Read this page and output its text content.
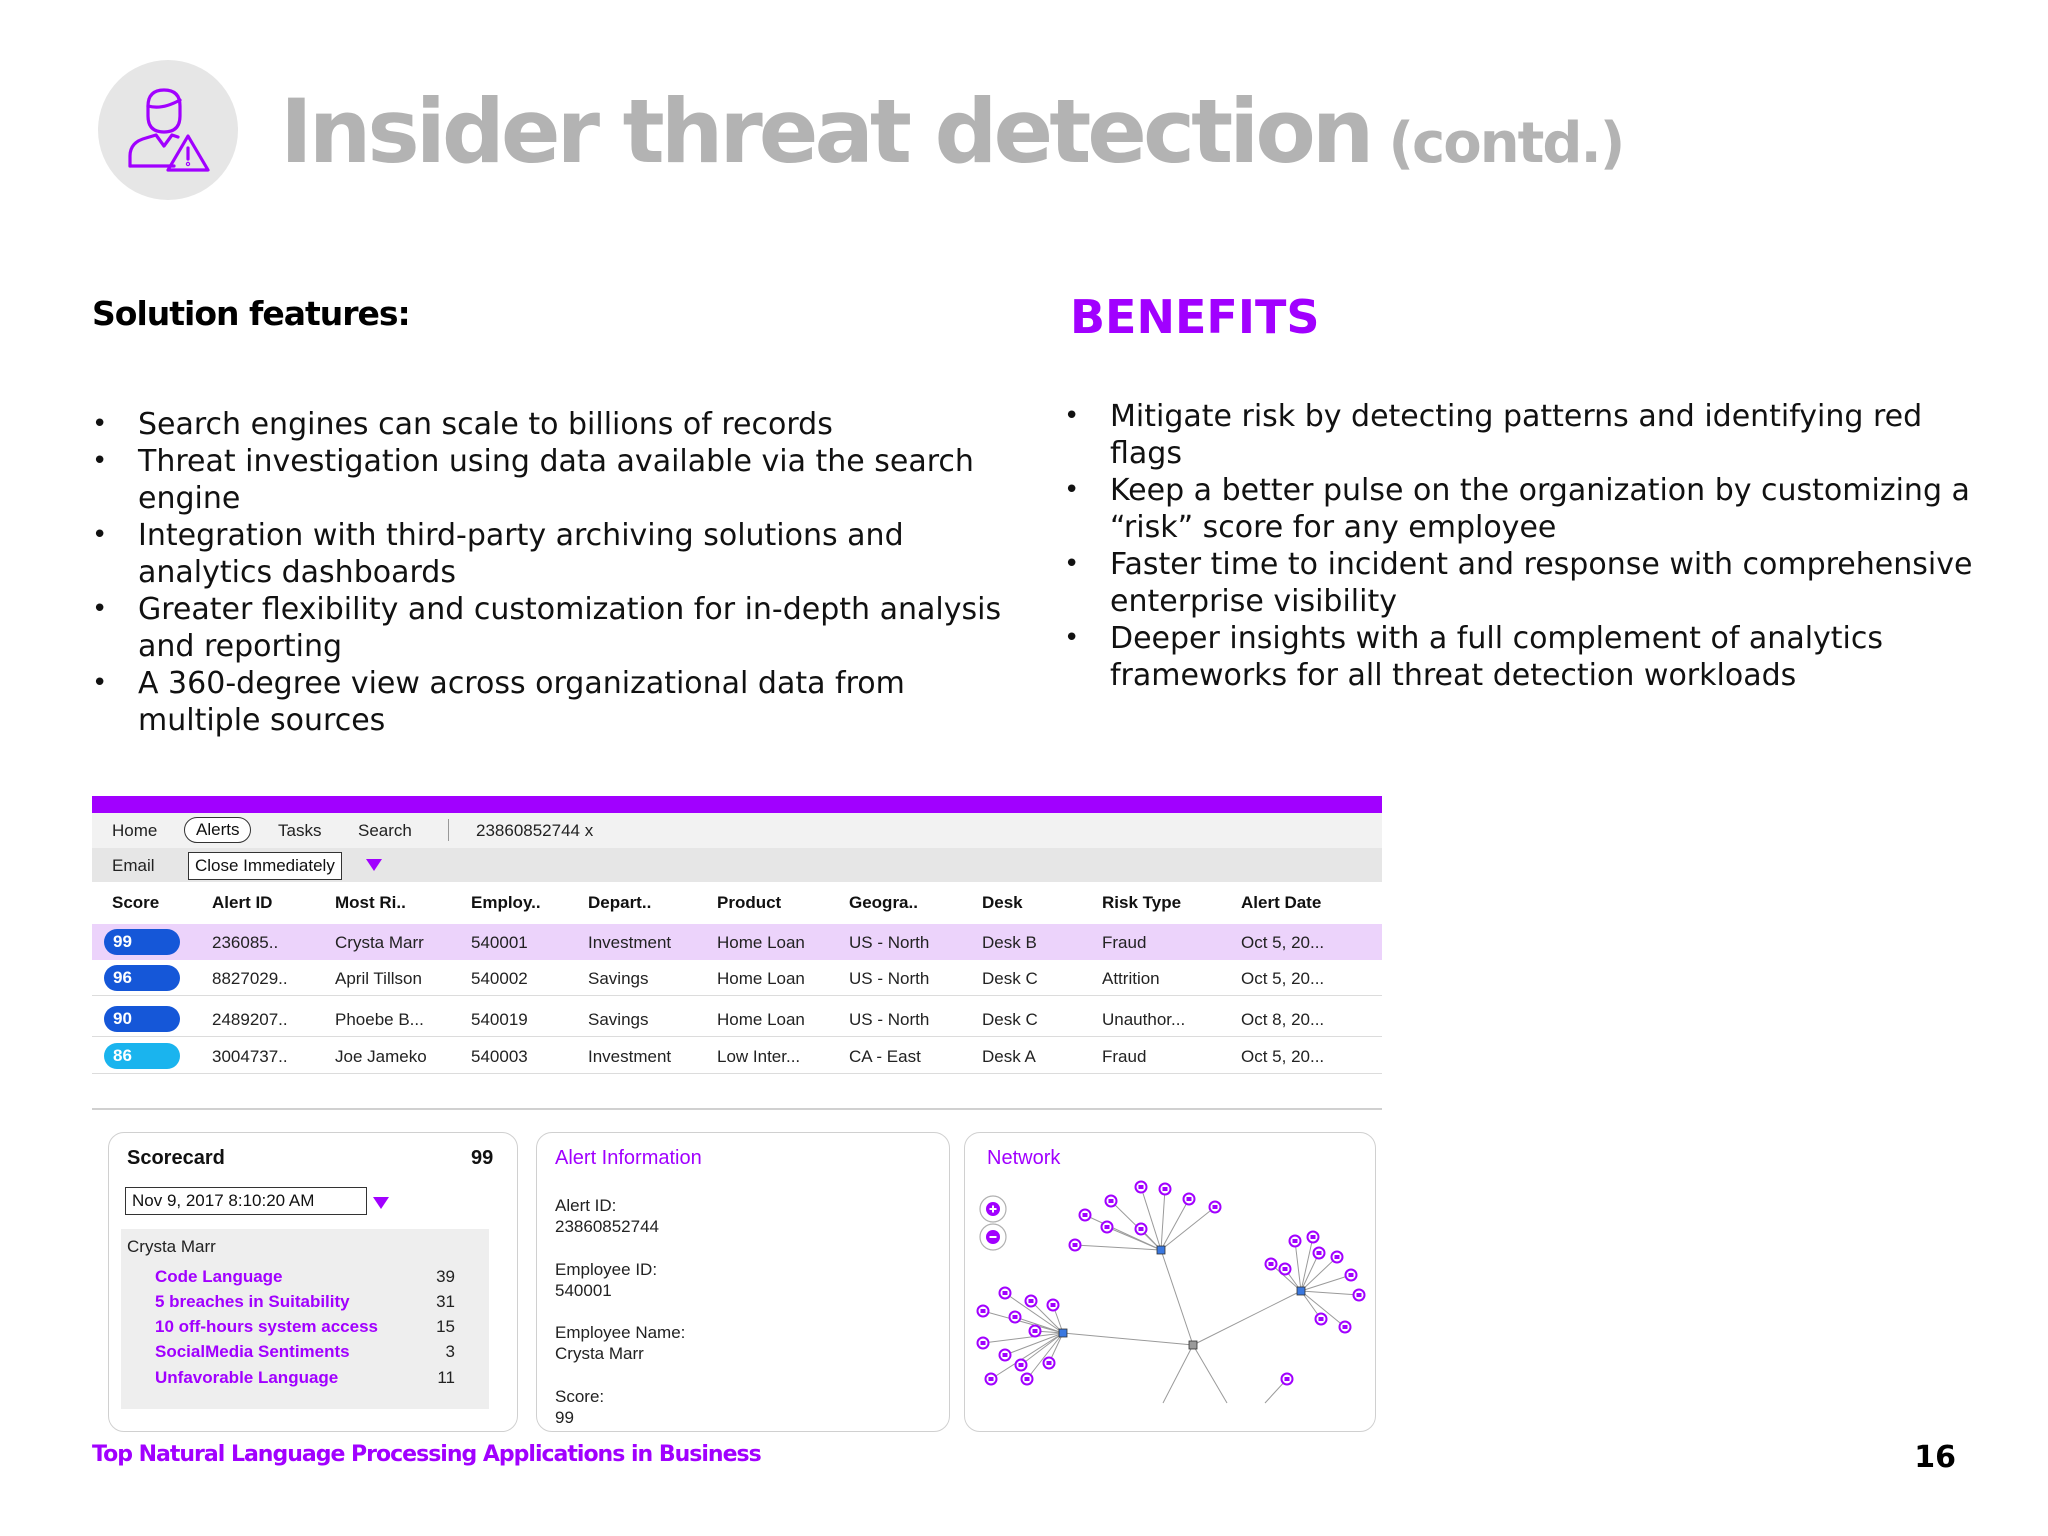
Insider threat detection (contd.)
Solution features:
• Search engines can scale to billions of records
• Threat investigation using data available via the search engine
• Integration with third-party archiving solutions and analytics dashboards
• Greater flexibility and customization for in-depth analysis and reporting
• A 360-degree view across organizational data from multiple sources
BENEFITS
• Mitigate risk by detecting patterns and identifying red flags
• Keep a better pulse on the organization by customizing a “risk” score for any employee
• Faster time to incident and response with comprehensive enterprise visibility
• Deeper insights with a full complement of analytics frameworks for all threat detection workloads
Home	Alerts	Tasks Search	23860852744 x
Email	Close Immediately
Score	Alert ID	Most Ri..	Employ..	Depart..	Product	Geogra..	Desk	Risk Type	Alert Date
99	236085..	Crysta Marr	540001	Investment	Home Loan	US - North	Desk B	Fraud	Oct 5, 20...
96	8827029..	April Tillson	540002	Savings	Home Loan	US - North	Desk C	Attrition	Oct 5, 20...
90	2489207..	Phoebe B...	540019	Savings	Home Loan	US - North	Desk C	Unauthor...	Oct 8, 20...
86	3004737..	Joe Jameko	540003	Investment	Low Inter...	CA - East	Desk A	Fraud	Oct 5, 20...
Scorecard	99
Nov 9, 2017 8:10:20 AM
Crysta Marr
Code Language	39
5 breaches in Suitability	31
10 off-hours system access	15
SocialMedia Sentiments	3
Unfavorable Language	11
Alert Information
Alert ID:
23860852744
Employee ID:
540001
Employee Name:
Crysta Marr
Score:
99
Network
Top Natural Language Processing Applications in Business	16
